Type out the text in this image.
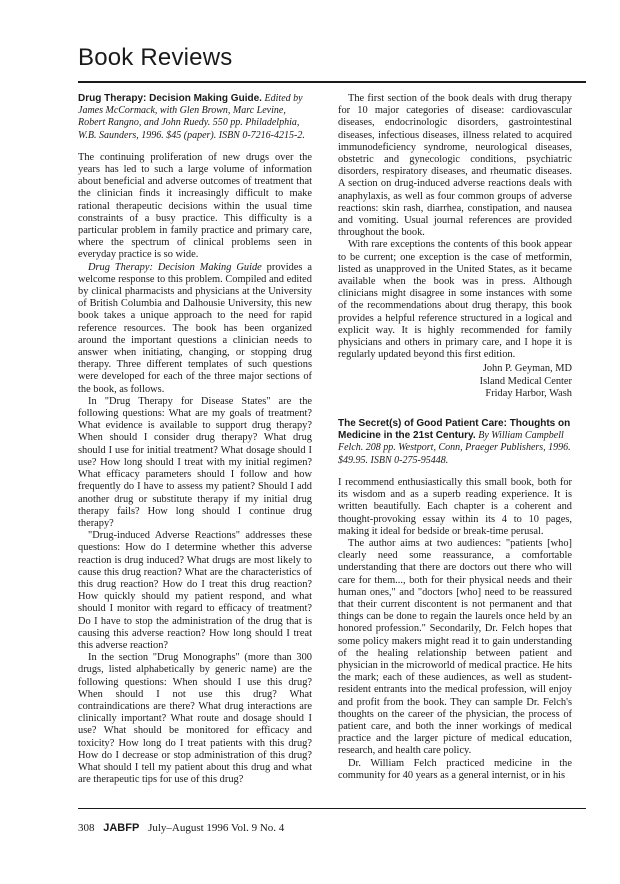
Book Reviews
Drug Therapy: Decision Making Guide. Edited by James McCormack, with Glen Brown, Marc Levine, Robert Rangno, and John Ruedy. 550 pp. Philadelphia, W.B. Saunders, 1996. $45 (paper). ISBN 0-7216-4215-2.

The continuing proliferation of new drugs over the years has led to such a large volume of information about beneficial and adverse outcomes of treatment that the clinician finds it increasingly difficult to make rational therapeutic decisions within the usual time constraints of a busy practice. This difficulty is a particular problem in family practice and primary care, where the spectrum of clinical problems seen in everyday practice is so wide.

Drug Therapy: Decision Making Guide provides a welcome response to this problem. Compiled and edited by clinical pharmacists and physicians at the University of British Columbia and Dalhousie University, this new book takes a unique approach to the need for rapid reference resources. The book has been organized around the important questions a clinician needs to answer when initiating, changing, or stopping drug therapy. Three different templates of such questions were developed for each of the three major sections of the book, as follows.

In "Drug Therapy for Disease States" are the following questions: What are my goals of treatment? What evidence is available to support drug therapy? When should I consider drug therapy? What drug should I use for initial treatment? What dosage should I use? How long should I treat with my initial regimen? What efficacy parameters should I follow and how frequently do I have to assess my patient? Should I add another drug or substitute therapy if my initial drug therapy fails? How long should I continue drug therapy?

"Drug-induced Adverse Reactions" addresses these questions: How do I determine whether this adverse reaction is drug induced? What drugs are most likely to cause this drug reaction? What are the characteristics of this drug reaction? How do I treat this drug reaction? How quickly should my patient respond, and what should I monitor with regard to efficacy of treatment? Do I have to stop the administration of the drug that is causing this adverse reaction? How long should I treat this adverse reaction?

In the section "Drug Monographs" (more than 300 drugs, listed alphabetically by generic name) are the following questions: When should I use this drug? When should I not use this drug? What contraindications are there? What drug interactions are clinically important? What route and dosage should I use? What should be monitored for efficacy and toxicity? How long do I treat patients with this drug? How do I decrease or stop administration of this drug? What should I tell my patient about this drug and what are therapeutic tips for use of this drug?

The first section of the book deals with drug therapy for 10 major categories of disease: cardiovascular diseases, endocrinologic disorders, gastrointestinal diseases, infectious diseases, illness related to acquired immunodeficiency syndrome, neurological diseases, obstetric and gynecologic conditions, psychiatric disorders, respiratory diseases, and rheumatic diseases. A section on drug-induced adverse reactions deals with anaphylaxis, as well as four common groups of adverse reactions: skin rash, diarrhea, constipation, and nausea and vomiting. Usual journal references are provided throughout the book.

With rare exceptions the contents of this book appear to be current; one exception is the case of metformin, listed as unapproved in the United States, as it became available when the book was in press. Although clinicians might disagree in some instances with some of the recommendations about drug therapy, this book provides a helpful reference structured in a logical and explicit way. It is highly recommended for family physicians and others in primary care, and I hope it is regularly updated beyond this first edition.

John P. Geyman, MD
Island Medical Center
Friday Harbor, Wash
The Secret(s) of Good Patient Care: Thoughts on Medicine in the 21st Century. By William Campbell Felch. 208 pp. Westport, Conn, Praeger Publishers, 1996. $49.95. ISBN 0-275-95448.

I recommend enthusiastically this small book, both for its wisdom and as a superb reading experience. It is written beautifully. Each chapter is a coherent and thought-provoking essay within its 4 to 10 pages, making it ideal for bedside or break-time perusal.

The author aims at two audiences: "patients [who] clearly need some reassurance, a comfortable understanding that there are doctors out there who will care for them..., both for their physical needs and their human ones," and "doctors [who] need to be reassured that their current discontent is not permanent and that things can be done to regain the laurels once held by an honored profession." Secondarily, Dr. Felch hopes that some policy makers might read it to gain understanding of the healing relationship between patient and physician in the microworld of medical practice. He hits the mark; each of these audiences, as well as student-resident entrants into the medical profession, will enjoy and profit from the book. They can sample Dr. Felch's thoughts on the career of the physician, the process of patient care, and both the inner workings of medical practice and the larger picture of medical education, research, and health care policy.

Dr. William Felch practiced medicine in the community for 40 years as a general internist, or in his

308 JABFP July–August 1996 Vol. 9 No. 4
